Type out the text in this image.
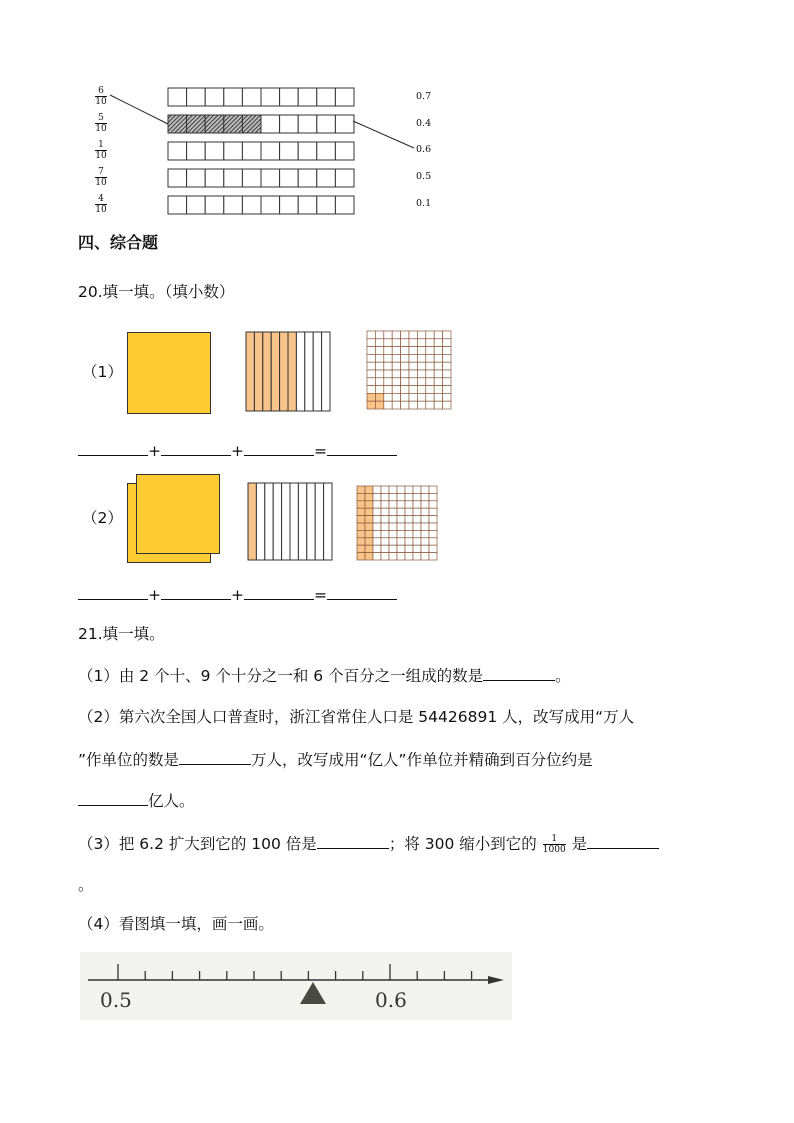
6
10
5
10
1
10
7
10
4
10
0.7
0.4
0.6
0.5
0.1
四、综合题
20.填一填。（填小数）
（1）
+	+	=
（2）
+	+	=
21.填一填。
（1）由 2 个十、9 个十分之一和 6 个百分之一组成的数是	。
（2）第六次全国人口普查时，浙江省常住人口是 54426891 人，改写成用“万人
”作单位的数是	万人，改写成用“亿人”作单位并精确到百分位约是
亿人。
（3）把 6.2 扩大到它的 100 倍是	；将 300 缩小到它的 $\frac{1}{1000}$ 是
。
（4）看图填一填，画一画。
0.5	0.6
